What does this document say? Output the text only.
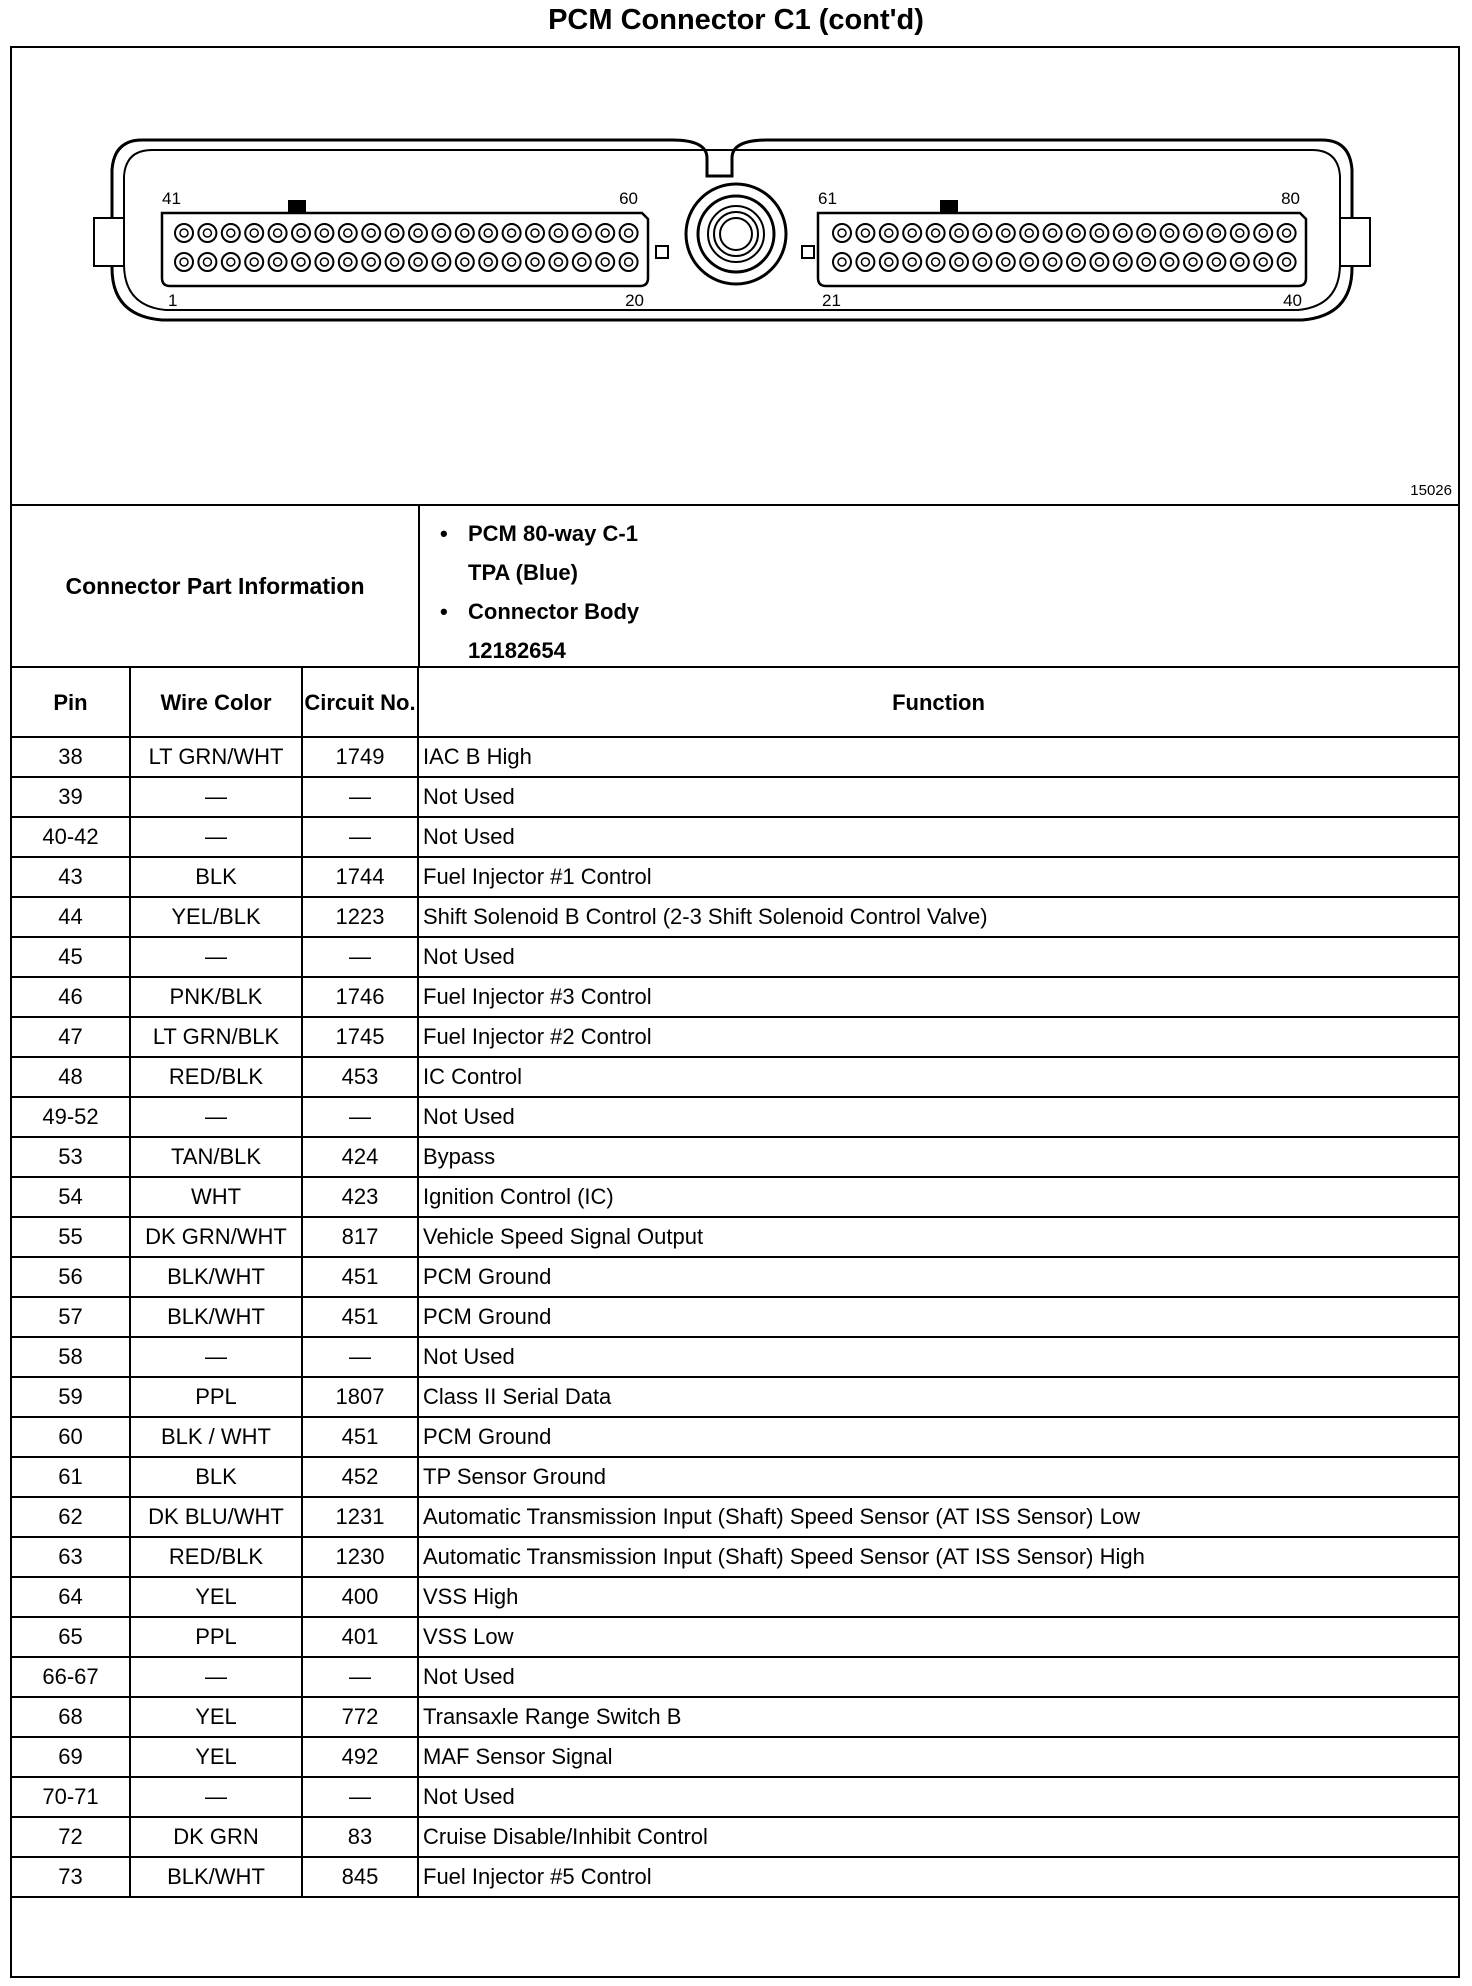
PCM Connector C1 (cont'd)
41	60
1	20
61	80
21	40
15026
Connector Part Information
• PCM 80-way C-1
TPA (Blue)
• Connector Body
12182654
Pin	Wire Color	Circuit No.	Function
38	LT GRN/WHT	1749	IAC B High
39	—	—	Not Used
40-42	—	—	Not Used
43	BLK	1744	Fuel Injector #1 Control
44	YEL/BLK	1223	Shift Solenoid B Control (2-3 Shift Solenoid Control Valve)
45	—	—	Not Used
46	PNK/BLK	1746	Fuel Injector #3 Control
47	LT GRN/BLK	1745	Fuel Injector #2 Control
48	RED/BLK	453	IC Control
49-52	—	—	Not Used
53	TAN/BLK	424	Bypass
54	WHT	423	Ignition Control (IC)
55	DK GRN/WHT	817	Vehicle Speed Signal Output
56	BLK/WHT	451	PCM Ground
57	BLK/WHT	451	PCM Ground
58	—	—	Not Used
59	PPL	1807	Class II Serial Data
60	BLK / WHT	451	PCM Ground
61	BLK	452	TP Sensor Ground
62	DK BLU/WHT	1231	Automatic Transmission Input (Shaft) Speed Sensor (AT ISS Sensor) Low
63	RED/BLK	1230	Automatic Transmission Input (Shaft) Speed Sensor (AT ISS Sensor) High
64	YEL	400	VSS High
65	PPL	401	VSS Low
66-67	—	—	Not Used
68	YEL	772	Transaxle Range Switch B
69	YEL	492	MAF Sensor Signal
70-71	—	—	Not Used
72	DK GRN	83	Cruise Disable/Inhibit Control
73	BLK/WHT	845	Fuel Injector #5 Control
